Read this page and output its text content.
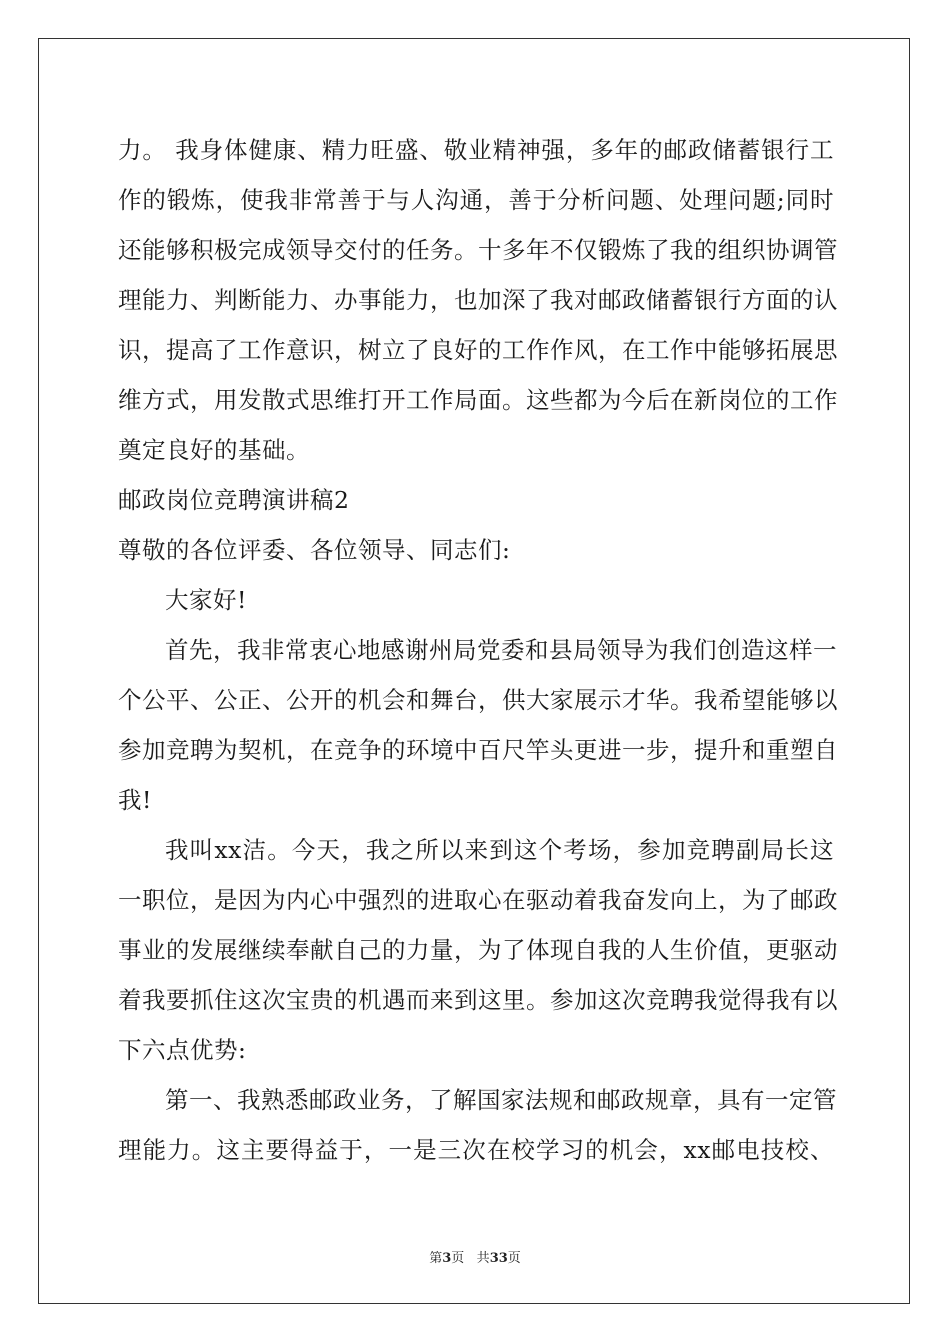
力。 我身体健康、精力旺盛、敬业精神强，多年的邮政储蓄银行工
作的锻炼，使我非常善于与人沟通，善于分析问题、处理问题;同时
还能够积极完成领导交付的任务。十多年不仅锻炼了我的组织协调管
理能力、判断能力、办事能力，也加深了我对邮政储蓄银行方面的认
识，提高了工作意识，树立了良好的工作作风，在工作中能够拓展思
维方式，用发散式思维打开工作局面。这些都为今后在新岗位的工作
奠定良好的基础。
邮政岗位竞聘演讲稿2
尊敬的各位评委、各位领导、同志们:
大家好!
首先，我非常衷心地感谢州局党委和县局领导为我们创造这样一
个公平、公正、公开的机会和舞台，供大家展示才华。我希望能够以
参加竞聘为契机，在竞争的环境中百尺竿头更进一步，提升和重塑自
我!
我叫xx洁。今天，我之所以来到这个考场，参加竞聘副局长这
一职位，是因为内心中强烈的进取心在驱动着我奋发向上，为了邮政
事业的发展继续奉献自己的力量，为了体现自我的人生价值，更驱动
着我要抓住这次宝贵的机遇而来到这里。参加这次竞聘我觉得我有以
下六点优势:
第一、我熟悉邮政业务，了解国家法规和邮政规章，具有一定管
理能力。这主要得益于，一是三次在校学习的机会，xx邮电技校、
第3页 共33页
